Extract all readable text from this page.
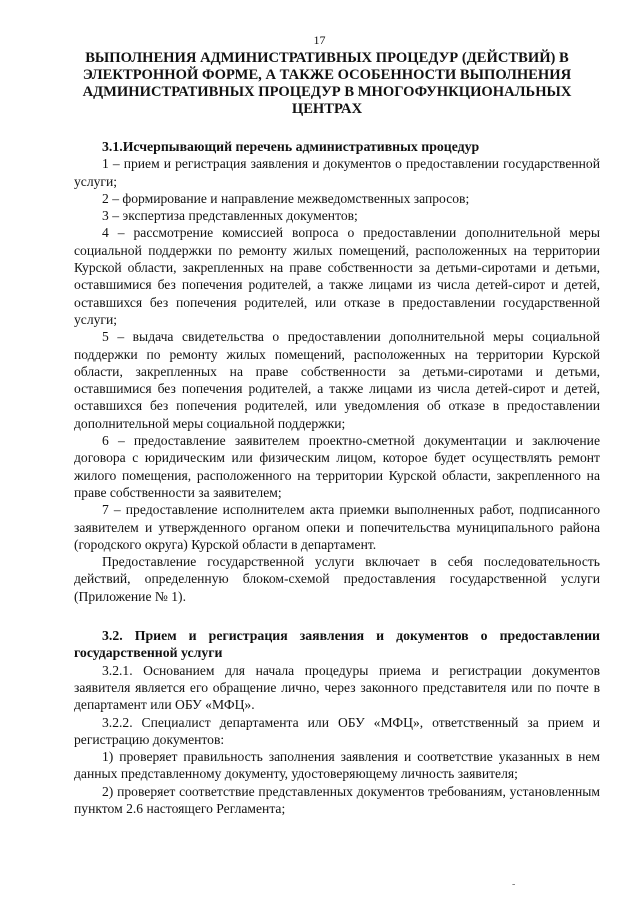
17
ВЫПОЛНЕНИЯ АДМИНИСТРАТИВНЫХ ПРОЦЕДУР (ДЕЙСТВИЙ) В ЭЛЕКТРОННОЙ ФОРМЕ, А ТАКЖЕ ОСОБЕННОСТИ ВЫПОЛНЕНИЯ АДМИНИСТРАТИВНЫХ ПРОЦЕДУР В МНОГОФУНКЦИОНАЛЬНЫХ ЦЕНТРАХ
3.1.Исчерпывающий перечень административных процедур

1 – прием и регистрация заявления и документов о предоставлении государственной услуги;

2 – формирование и направление межведомственных запросов;

3 – экспертиза представленных документов;

4 – рассмотрение комиссией вопроса о предоставлении дополнительной меры социальной поддержки по ремонту жилых помещений, расположенных на территории Курской области, закрепленных на праве собственности за детьми-сиротами и детьми, оставшимися без попечения родителей, а также лицами из числа детей-сирот и детей, оставшихся без попечения родителей, или отказе в предоставлении государственной услуги;

5 – выдача свидетельства о предоставлении дополнительной меры социальной поддержки по ремонту жилых помещений, расположенных на территории Курской области, закрепленных на праве собственности за детьми-сиротами и детьми, оставшимися без попечения родителей, а также лицами из числа детей-сирот и детей, оставшихся без попечения родителей, или уведомления об отказе в предоставлении дополнительной меры социальной поддержки;

6 – предоставление заявителем проектно-сметной документации и заключение договора с юридическим или физическим лицом, которое будет осуществлять ремонт жилого помещения, расположенного на территории Курской области, закрепленного на праве собственности за заявителем;

7 – предоставление исполнителем акта приемки выполненных работ, подписанного заявителем и утвержденного органом опеки и попечительства муниципального района (городского округа) Курской области в департамент.

Предоставление государственной услуги включает в себя последовательность действий, определенную блоком-схемой предоставления государственной услуги (Приложение № 1).

3.2. Прием и регистрация заявления и документов о предоставлении государственной услуги

3.2.1. Основанием для начала процедуры приема и регистрации документов заявителя является его обращение лично, через законного представителя или по почте в департамент или ОБУ «МФЦ».

3.2.2. Специалист департамента или ОБУ «МФЦ», ответственный за прием и регистрацию документов:

1) проверяет правильность заполнения заявления и соответствие указанных в нем данных представленному документу, удостоверяющему личность заявителя;

2) проверяет соответствие представленных документов требованиям, установленным пунктом 2.6 настоящего Регламента;

-
